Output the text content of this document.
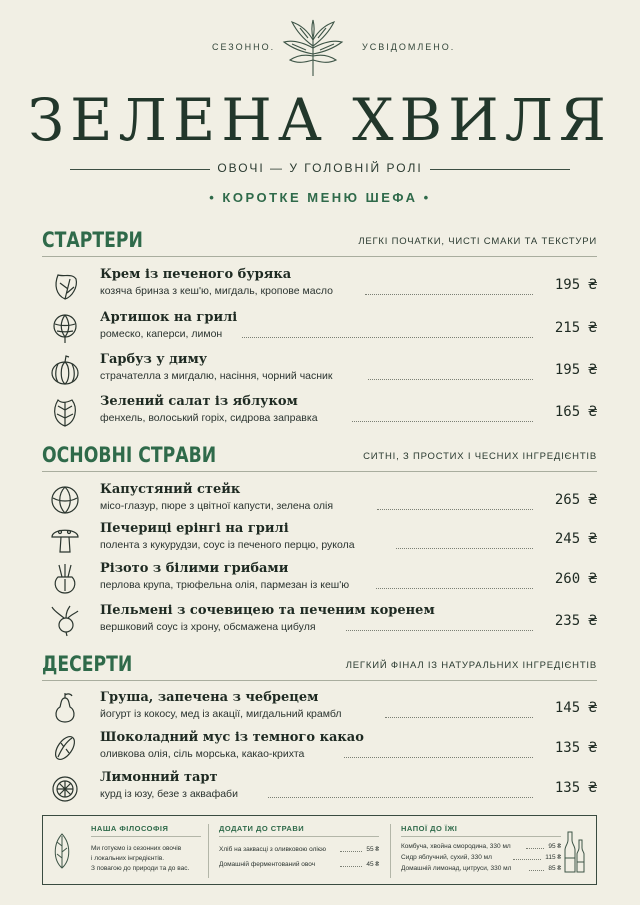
СЕЗОННО.	УСВІДОМЛЕНО.
ЗЕЛЕНА ХВИЛЯ
ОВОЧІ — У ГОЛОВНІЙ РОЛІ
• КОРОТКЕ МЕНЮ ШЕФА •
СТАРТЕРИ	ЛЕГКІ ПОЧАТКИ, ЧИСТІ СМАКИ ТА ТЕКСТУРИ
Крем із печеного буряка
козяча бринза з кеш'ю, мигдаль, кропове масло	195 ₴
Артишок на грилі
ромеско, каперси, лимон	215 ₴
Гарбуз у диму
страчателла з мигдалю, насіння, чорний часник	195 ₴
Зелений салат із яблуком
фенхель, волоський горіх, сидрова заправка	165 ₴
ОСНОВНІ СТРАВИ	СИТНІ, З ПРОСТИХ І ЧЕСНИХ ІНГРЕДІЄНТІВ
Капустяний стейк
місо-глазур, пюре з цвітної капусти, зелена олія	265 ₴
Печериці ерінгі на грилі
полента з кукурудзи, соус із печеного перцю, рукола	245 ₴
Різото з білими грибами
перлова крупа, трюфельна олія, пармезан із кеш'ю	260 ₴
Пельмені з сочевицею та печеним коренем
вершковий соус із хрону, обсмажена цибуля	235 ₴
ДЕСЕРТИ	ЛЕГКИЙ ФІНАЛ ІЗ НАТУРАЛЬНИХ ІНГРЕДІЄНТІВ
Груша, запечена з чебрецем
йогурт із кокосу, мед із акації, мигдальний крамбл	145 ₴
Шоколадний мус із темного какао
оливкова олія, сіль морська, какао-крихта	135 ₴
Лимонний тарт
курд із юзу, безе з аквафаби	135 ₴
НАША ФІЛОСОФІЯ
Ми готуємо із сезонних овочів
і локальних інгредієнтів.
З повагою до природи та до вас.
ДОДАТИ ДО СТРАВИ
Хліб на заквасці з оливковою олією	55 ₴
Домашній ферментований овоч	45 ₴
НАПОЇ ДО ЇЖІ
Комбуча, хвойна смородина, 330 мл	95 ₴
Сидр яблучний, сухий, 330 мл	115 ₴
Домашній лимонад, цитруси, 330 мл	85 ₴
